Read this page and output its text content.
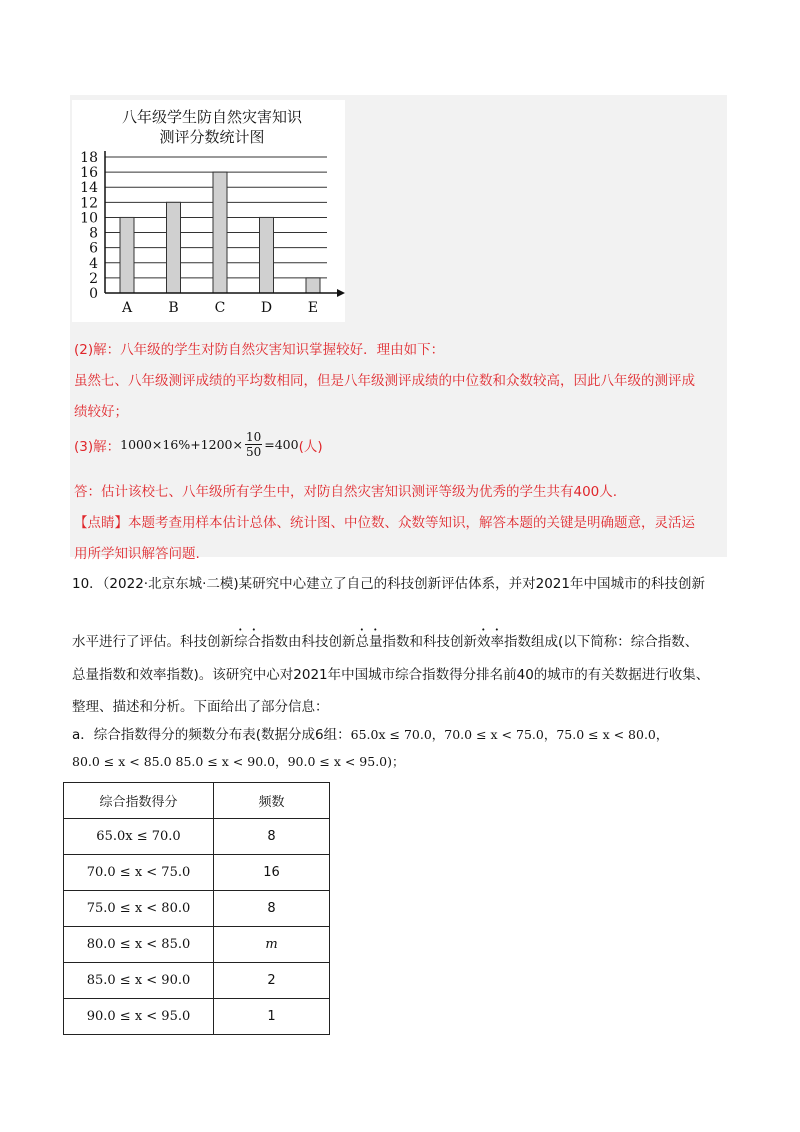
八年级学生防自然灾害知识
测评分数统计图
0
2
4
6
8
10
12
14
16
18
A	B	C	D	E
(2)解：八年级的学生对防自然灾害知识掌握较好．理由如下：
虽然七、八年级测评成绩的平均数相同，但是八年级测评成绩的中位数和众数较高，因此八年级的测评成
绩较好；
(3)解： $1000\times 16\%+1200\times \frac{10}{50} =400$ (人)
答：估计该校七、八年级所有学生中，对防自然灾害知识测评等级为优秀的学生共有400人.
【点睛】本题考查用样本估计总体、统计图、中位数、众数等知识，解答本题的关键是明确题意，灵活运
用所学知识解答问题.
10．（2022·北京东城·二模)某研究中心建立了自己的科技创新评估体系，并对2021年中国城市的科技创新
水平进行了评估。科技创新综合指数由科技创新总量指数和科技创新效率指数组成(以下简称：综合指数、
总量指数和效率指数)。该研究中心对2021年中国城市综合指数得分排名前40的城市的有关数据进行收集、
整理、描述和分析。下面给出了部分信息：
a．综合指数得分的频数分布表(数据分成6组：65.0x ≤ 70.0，70.0 ≤ x < 75.0，75.0 ≤ x < 80.0，
80.0 ≤ x < 85.0 85.0 ≤ x < 90.0，90.0 ≤ x < 95.0)；
综合指数得分	频数
65.0x ≤ 70.0	8
70.0 ≤ x < 75.0	16
75.0 ≤ x < 80.0	8
80.0 ≤ x < 85.0	m
85.0 ≤ x < 90.0	2
90.0 ≤ x < 95.0	1
